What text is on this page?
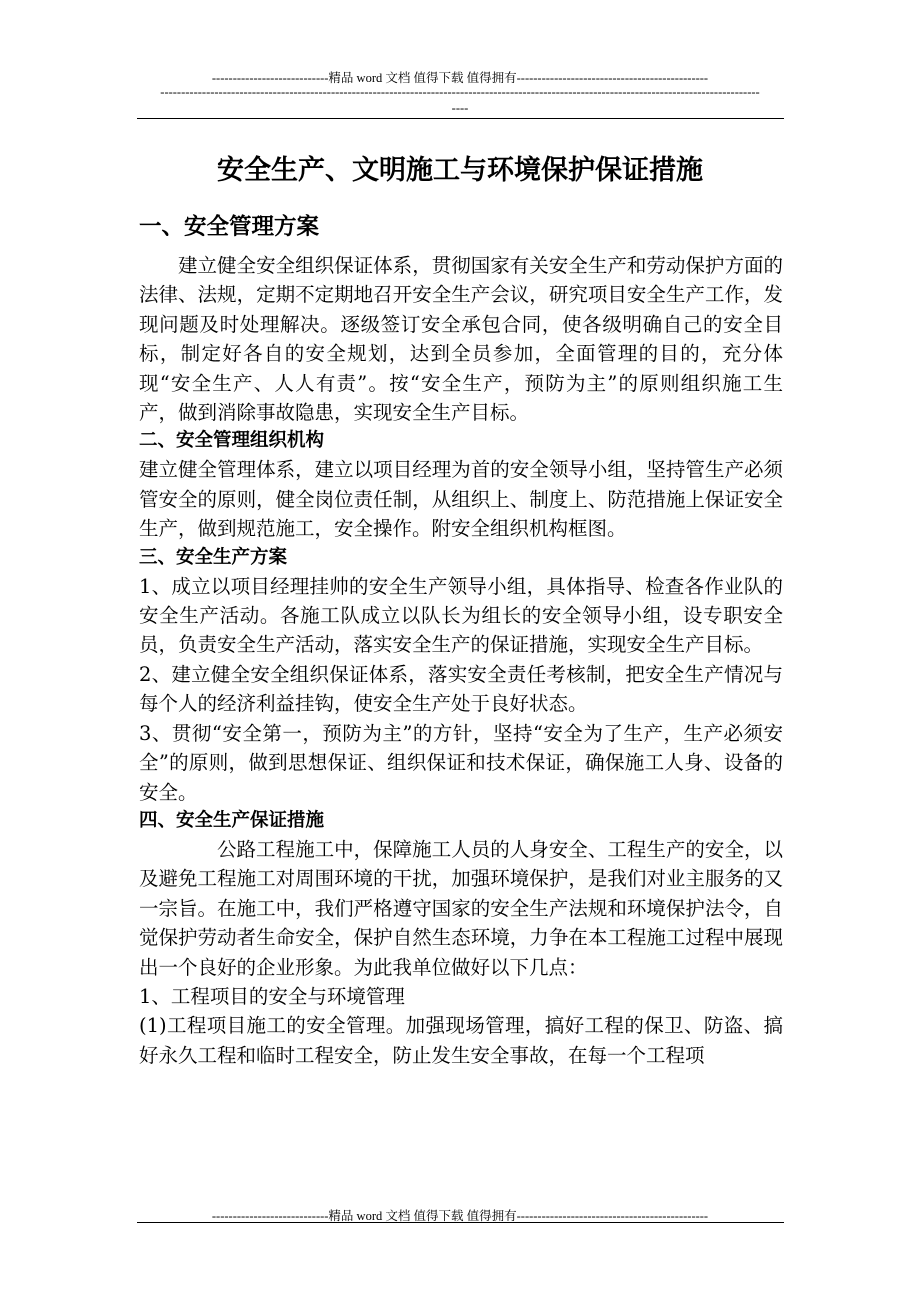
----------------------------精品 word 文档 值得下载 值得拥有----------------------------------------------
------------------------------------------------------------------------------------------------------------------------------------------------
----
安全生产、文明施工与环境保护保证措施
一、安全管理方案

建立健全安全组织保证体系，贯彻国家有关安全生产和劳动保护方面的法律、法规，定期不定期地召开安全生产会议，研究项目安全生产工作，发现问题及时处理解决。逐级签订安全承包合同，使各级明确自己的安全目标，制定好各自的安全规划，达到全员参加，全面管理的目的，充分体现“安全生产、人人有责”。按“安全生产，预防为主”的原则组织施工生产，做到消除事故隐患，实现安全生产目标。

二、安全管理组织机构

建立健全管理体系，建立以项目经理为首的安全领导小组，坚持管生产必须管安全的原则，健全岗位责任制，从组织上、制度上、防范措施上保证安全生产，做到规范施工，安全操作。附安全组织机构框图。

三、安全生产方案

1、成立以项目经理挂帅的安全生产领导小组，具体指导、检查各作业队的安全生产活动。各施工队成立以队长为组长的安全领导小组，设专职安全员，负责安全生产活动，落实安全生产的保证措施，实现安全生产目标。

2、建立健全安全组织保证体系，落实安全责任考核制，把安全生产情况与每个人的经济利益挂钩，使安全生产处于良好状态。

3、贯彻“安全第一，预防为主”的方针，坚持“安全为了生产，生产必须安全”的原则，做到思想保证、组织保证和技术保证，确保施工人身、设备的安全。

四、安全生产保证措施

公路工程施工中，保障施工人员的人身安全、工程生产的安全，以及避免工程施工对周围环境的干扰，加强环境保护，是我们对业主服务的又一宗旨。在施工中，我们严格遵守国家的安全生产法规和环境保护法令，自觉保护劳动者生命安全，保护自然生态环境，力争在本工程施工过程中展现出一个良好的企业形象。为此我单位做好以下几点：

1、工程项目的安全与环境管理

(1)工程项目施工的安全管理。加强现场管理，搞好工程的保卫、防盗、搞好永久工程和临时工程安全，防止发生安全事故，在每一个工程项

----------------------------精品 word 文档 值得下载 值得拥有----------------------------------------------
